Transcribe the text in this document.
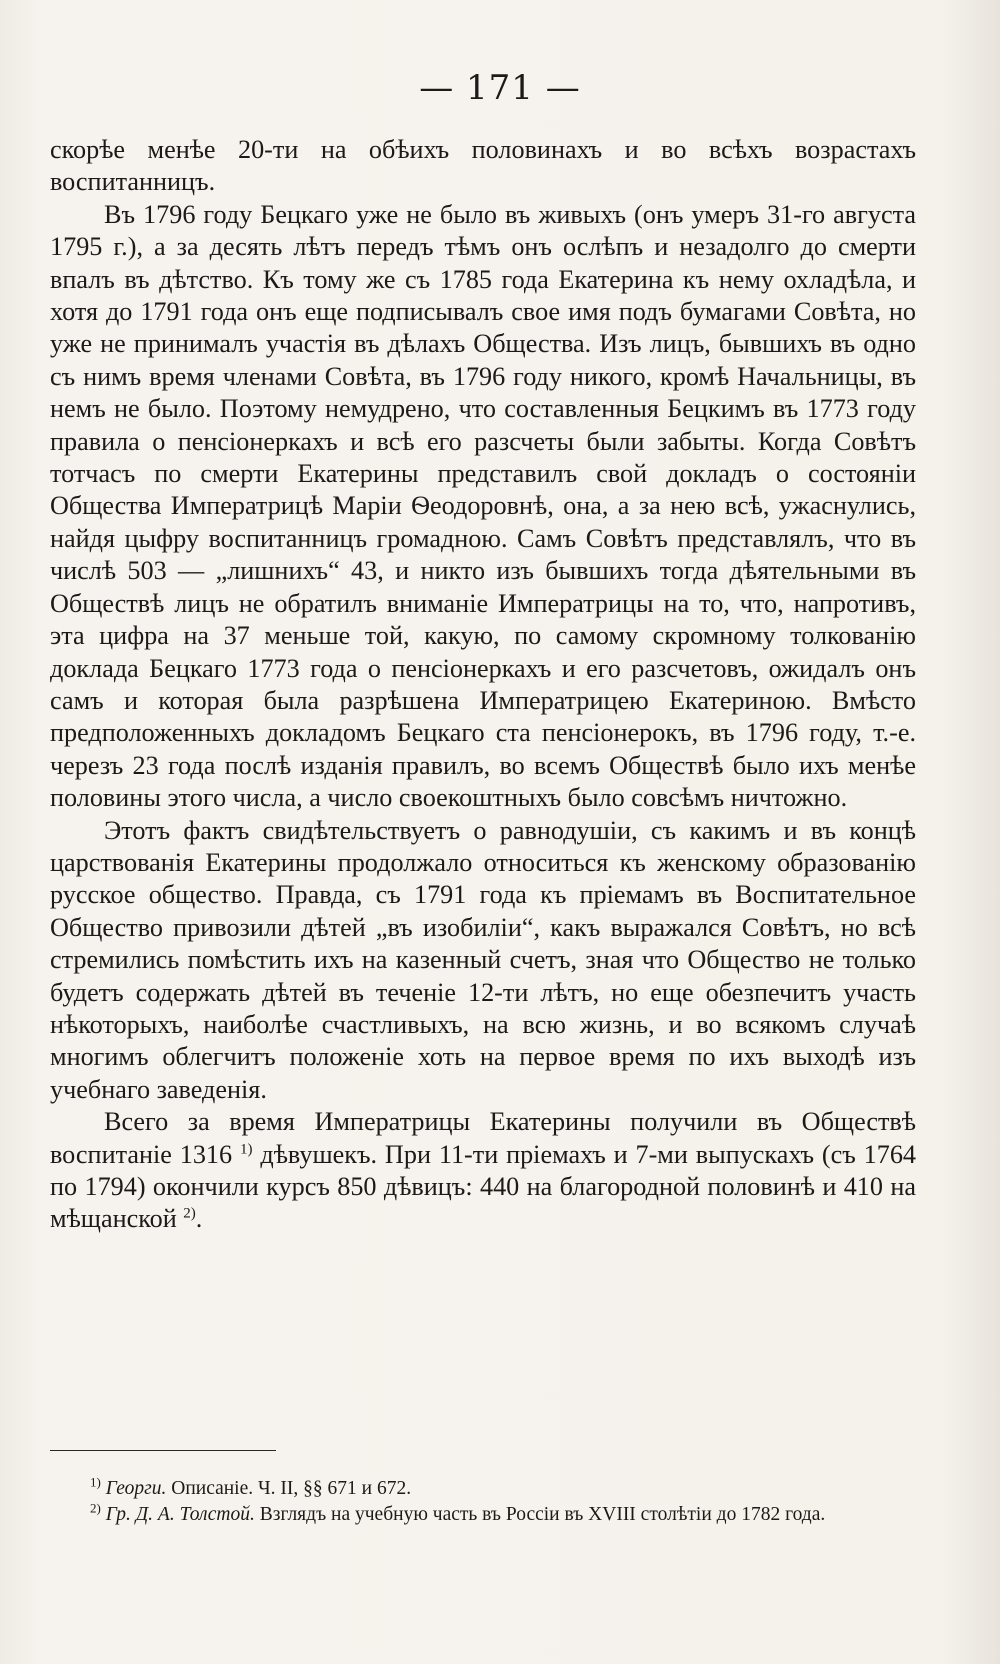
— 171 —

скорѣе менѣе 20-ти на обѣихъ половинахъ и во всѣхъ возрастахъ воспитанницъ.

Въ 1796 году Бецкаго уже не было въ живыхъ (онъ умеръ 31-го августа 1795 г.), а за десять лѣтъ передъ тѣмъ онъ ослѣпъ и незадолго до смерти впалъ въ дѣтство. Къ тому же съ 1785 года Екатерина къ нему охладѣла, и хотя до 1791 года онъ еще подписывалъ свое имя подъ бумагами Совѣта, но уже не принималъ участія въ дѣлахъ Общества. Изъ лицъ, бывшихъ въ одно съ нимъ время членами Совѣта, въ 1796 году никого, кромѣ Начальницы, въ немъ не было. Поэтому немудрено, что составленныя Бецкимъ въ 1773 году правила о пенсіонеркахъ и всѣ его разсчеты были забыты. Когда Совѣтъ тотчасъ по смерти Екатерины представилъ свой докладъ о состояніи Общества Императрицѣ Маріи Ѳеодоровнѣ, она, а за нею всѣ, ужаснулись, найдя цыфру воспитанницъ громадною. Самъ Совѣтъ представлялъ, что въ числѣ 503 — „лишнихъ“ 43, и никто изъ бывшихъ тогда дѣятельными въ Обществѣ лицъ не обратилъ вниманіе Императрицы на то, что, напротивъ, эта цифра на 37 меньше той, какую, по самому скромному толкованію доклада Бецкаго 1773 года о пенсіонеркахъ и его разсчетовъ, ожидалъ онъ самъ и которая была разрѣшена Императрицею Екатериною. Вмѣсто предположенныхъ докладомъ Бецкаго ста пенсіонерокъ, въ 1796 году, т.-е. черезъ 23 года послѣ изданія правилъ, во всемъ Обществѣ было ихъ менѣе половины этого числа, а число своекоштныхъ было совсѣмъ ничтожно.

Этотъ фактъ свидѣтельствуетъ о равнодушіи, съ какимъ и въ концѣ царствованія Екатерины продолжало относиться къ женскому образованію русское общество. Правда, съ 1791 года къ пріемамъ въ Воспитательное Общество привозили дѣтей „въ изобиліи“, какъ выражался Совѣтъ, но всѣ стремились помѣстить ихъ на казенный счетъ, зная что Общество не только будетъ содержать дѣтей въ теченіе 12-ти лѣтъ, но еще обезпечитъ участь нѣкоторыхъ, наиболѣе счастливыхъ, на всю жизнь, и во всякомъ случаѣ многимъ облегчитъ положеніе хоть на первое время по ихъ выходѣ изъ учебнаго заведенія.

Всего за время Императрицы Екатерины получили въ Обществѣ воспитаніе 1316 $^{1)}$ дѣвушекъ. При 11-ти пріемахъ и 7-ми выпускахъ (съ 1764 по 1794) окончили курсъ 850 дѣвицъ: 440 на благородной половинѣ и 410 на мѣщанской $^{2)}$.

$^{1)}$ Георги. Описаніе. Ч. II, §§ 671 и 672.

$^{2)}$ Гр. Д. А. Толстой. Взглядъ на учебную часть въ Россіи въ XVIII столѣтіи до 1782 года.
